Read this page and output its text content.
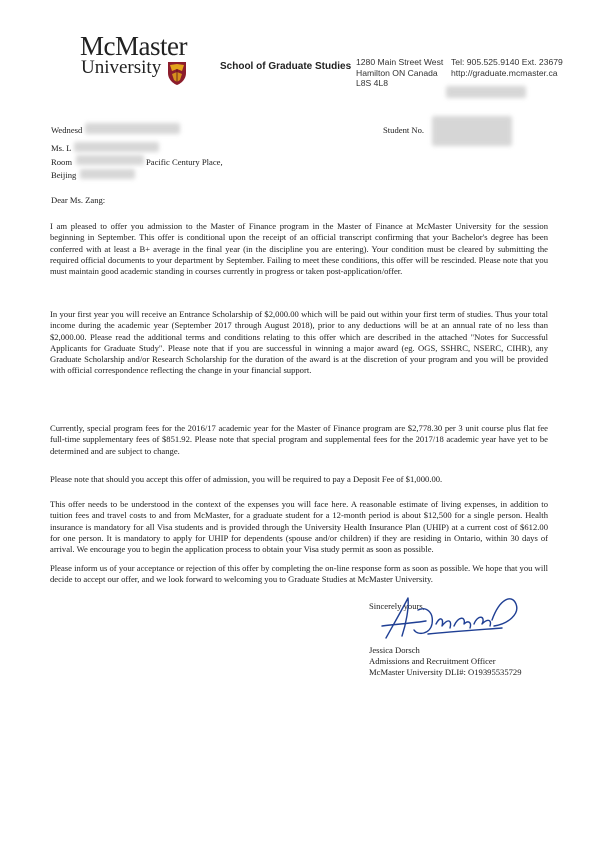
McMaster
University	School of Graduate Studies 1280 Main Street West
Hamilton ON Canada
L8S 4L8
Tel: 905.525.9140 Ext. 23679
http://graduate.mcmaster.ca
Wednesd	Student No.
Ms. L
Room	Pacific Century Place,
Beijing
Dear Ms. Zang:

I am pleased to offer you admission to the Master of Finance program in the Master of Finance at McMaster University for the session beginning in September. This offer is conditional upon the receipt of an official transcript confirming that your Bachelor's degree has been conferred with at least a B+ average in the final year (in the discipline you are entering). Your condition must be cleared by submitting the required official documents to your department by September. Failing to meet these conditions, this offer will be rescinded. Please note that you must maintain good academic standing in courses currently in progress or taken post-application/offer.

In your first year you will receive an Entrance Scholarship of $2,000.00 which will be paid out within your first term of studies. Thus your total income during the academic year (September 2017 through August 2018), prior to any deductions will be at an annual rate of no less than $2,000.00. Please read the additional terms and conditions relating to this offer which are described in the attached "Notes for Successful Applicants for Graduate Study". Please note that if you are successful in winning a major award (eg. OGS, SSHRC, NSERC, CIHR), any Graduate Scholarship and/or Research Scholarship for the duration of the award is at the discretion of your program and you will be provided with official correspondence reflecting the change in your financial support.

Currently, special program fees for the 2016/17 academic year for the Master of Finance program are $2,778.30 per 3 unit course plus flat fee full-time supplementary fees of $851.92. Please note that special program and supplemental fees for the 2017/18 academic year have yet to be determined and are subject to change.

Please note that should you accept this offer of admission, you will be required to pay a Deposit Fee of $1,000.00.

This offer needs to be understood in the context of the expenses you will face here. A reasonable estimate of living expenses, in addition to tuition fees and travel costs to and from McMaster, for a graduate student for a 12-month period is about $12,500 for a single person. Health insurance is mandatory for all Visa students and is provided through the University Health Insurance Plan (UHIP) at a current cost of $612.00 for one person. It is mandatory to apply for UHIP for dependents (spouse and/or children) if they are residing in Ontario, within 30 days of arrival. We encourage you to begin the application process to obtain your Visa study permit as soon as possible.

Please inform us of your acceptance or rejection of this offer by completing the on-line response form as soon as possible. We hope that you will decide to accept our offer, and we look forward to welcoming you to Graduate Studies at McMaster University.

Sincerely yours,
Jessica Dorsch
Admissions and Recruitment Officer
McMaster University DLI#: O19395535729
